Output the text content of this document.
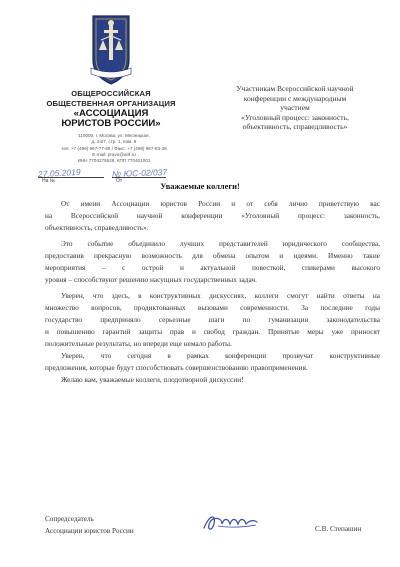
ОБЩЕРОССИЙСКАЯ
ОБЩЕСТВЕННАЯ ОРГАНИЗАЦИЯ
«АССОЦИАЦИЯ
ЮРИСТОВ РОССИИ»
119000, г. Москва, ул. Мясницкая,
д. 24/7, стр. 1, пом. 8
тел. +7 (499) 967-77-66 / Факс: +7 (499) 967-83-28
E-mail: pravo@alrf.ru
ИНН 7704275529, КПП 770401001
27.05.2019	№ ЮС-02/037
На №	От
Участникам Всероссийской научной
конференции с международным
участием
«Уголовный процесс: законность,
объективность, справедливость»
Уважаемые коллеги!
От имени Ассоциации юристов России и от себя лично приветствую вас
на Всероссийской научной конференции «Уголовный процесс: законность,
объективность, справедливость».
Это событие объединило лучших представителей юридического сообщества,
предоставив прекрасную возможность для обмена опытом и идеями. Именно такие
мероприятия – с острой и актуальной повесткой, спикерами высокого
уровня – способствуют решению насущных государственных задач.
Уверен, что здесь, в конструктивных дискуссиях, коллеги смогут найти ответы на
множество вопросов, продиктованных вызовами современности. За последние годы
государство предприняло серьезные шаги по гуманизации законодательства
и повышению гарантий защиты прав и свобод граждан. Принятые меры уже приносят
положительные результаты, но впереди еще немало работы.
Уверен, что сегодня в рамках конференции прозвучат конструктивные
предложения, которые будут способствовать совершенствованию правоприменения.
Желаю вам, уважаемые коллеги, плодотворной дискуссии!
Сопредседатель
Ассоциации юристов России	С.В. Степашин
